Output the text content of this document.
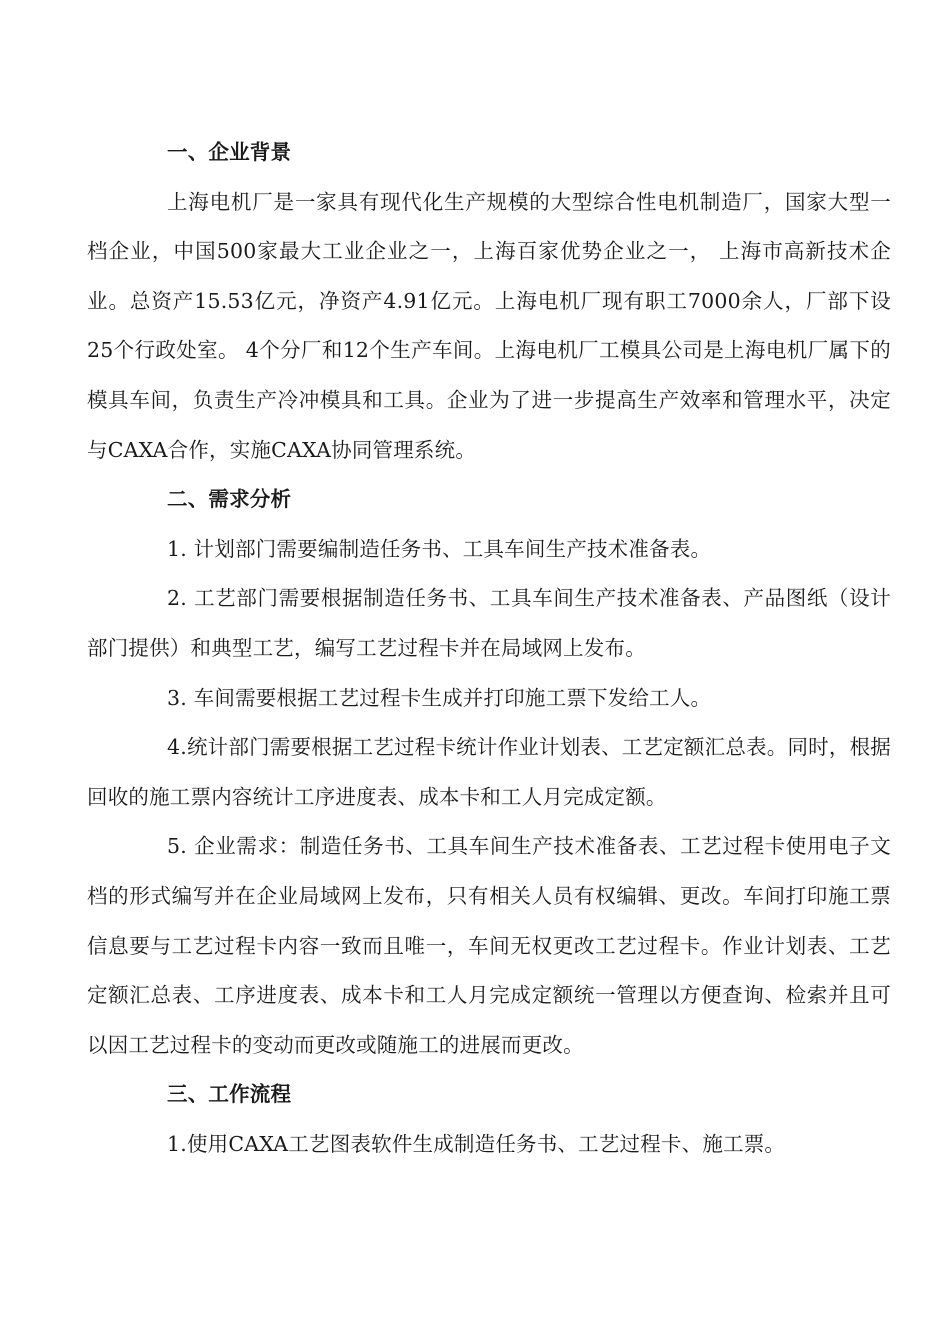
一、企业背景

上海电机厂是一家具有现代化生产规模的大型综合性电机制造厂，国家大型一档企业，中国500家最大工业企业之一，上海百家优势企业之一， 上海市高新技术企业。总资产15.53亿元，净资产4.91亿元。上海电机厂现有职工7000余人，厂部下设25个行政处室。 4个分厂和12个生产车间。上海电机厂工模具公司是上海电机厂属下的模具车间，负责生产冷冲模具和工具。企业为了进一步提高生产效率和管理水平，决定与CAXA合作，实施CAXA协同管理系统。

二、需求分析

1. 计划部门需要编制造任务书、工具车间生产技术准备表。

2. 工艺部门需要根据制造任务书、工具车间生产技术准备表、产品图纸（设计部门提供）和典型工艺，编写工艺过程卡并在局域网上发布。

3. 车间需要根据工艺过程卡生成并打印施工票下发给工人。

4.统计部门需要根据工艺过程卡统计作业计划表、工艺定额汇总表。同时，根据回收的施工票内容统计工序进度表、成本卡和工人月完成定额。

5. 企业需求：制造任务书、工具车间生产技术准备表、工艺过程卡使用电子文档的形式编写并在企业局域网上发布，只有相关人员有权编辑、更改。车间打印施工票信息要与工艺过程卡内容一致而且唯一，车间无权更改工艺过程卡。作业计划表、工艺定额汇总表、工序进度表、成本卡和工人月完成定额统一管理以方便查询、检索并且可以因工艺过程卡的变动而更改或随施工的进展而更改。

三、工作流程

1.使用CAXA工艺图表软件生成制造任务书、工艺过程卡、施工票。
